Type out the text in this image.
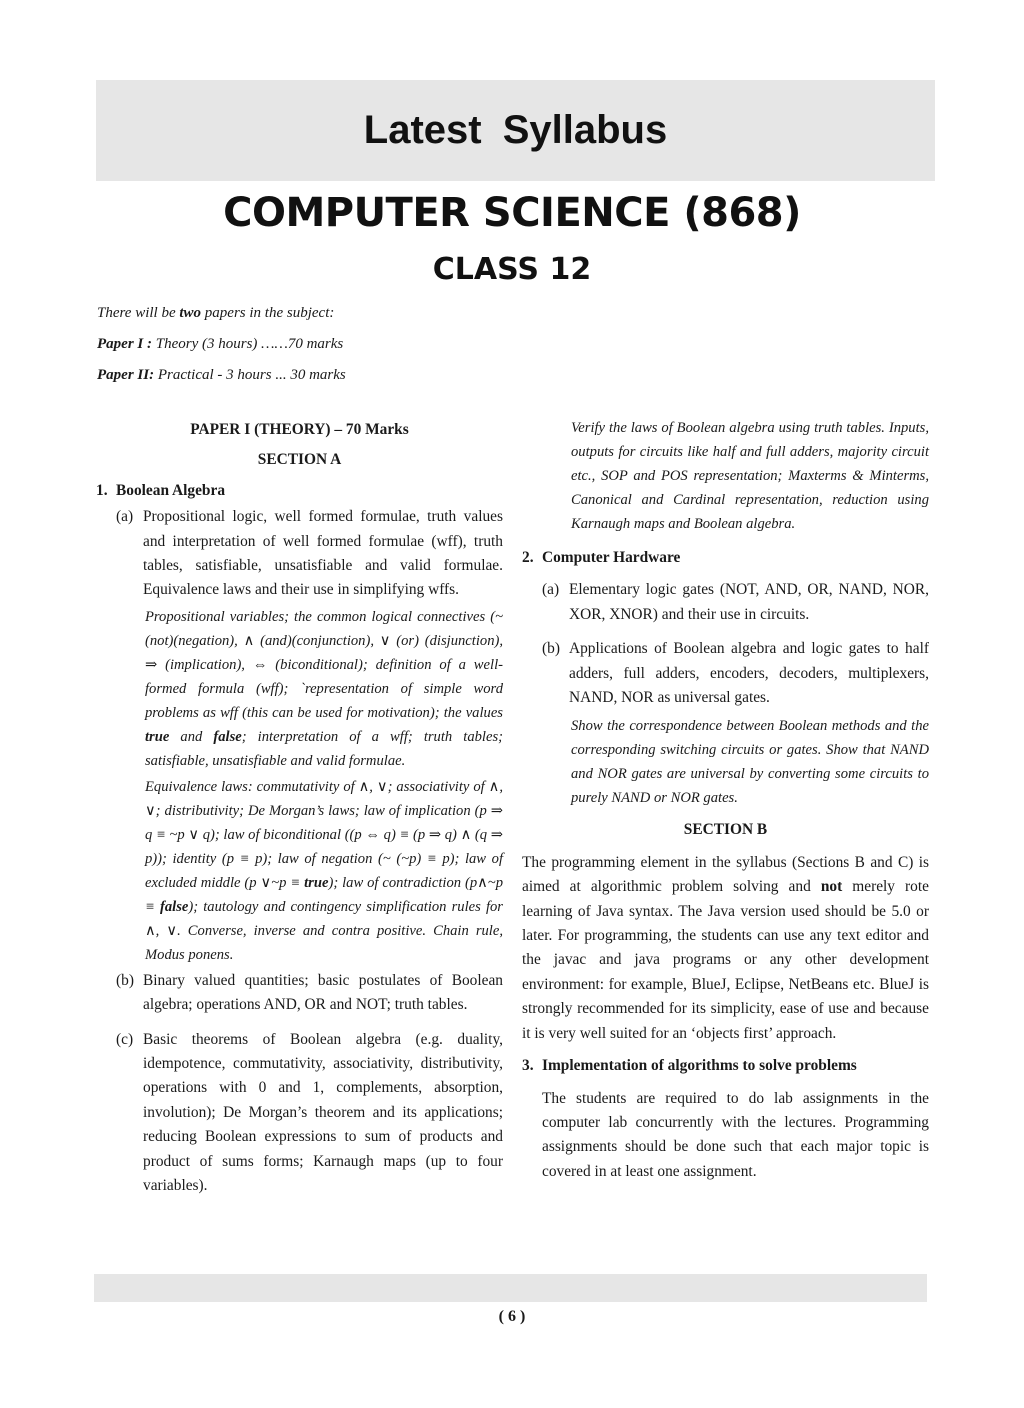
Latest Syllabus
COMPUTER SCIENCE (868)
CLASS 12

There will be two papers in the subject:

Paper I : Theory (3 hours) ……70 marks

Paper II: Practical - 3 hours ... 30 marks

PAPER I (THEORY) – 70 Marks

SECTION A

1. Boolean Algebra

(a) Propositional logic, well formed formulae, truth values and interpretation of well formed formulae (wff), truth tables, satisfiable, unsatisfiable and valid formulae. Equivalence laws and their use in simplifying wffs.

Propositional variables; the common logical connectives (~ (not)(negation), ∧ (and)(conjunction), ∨ (or) (disjunction), ⇒ (implication), ⇔ (biconditional); definition of a well-formed formula (wff); `representation of simple word problems as wff (this can be used for motivation); the values true and false; interpretation of a wff; truth tables; satisfiable, unsatisfiable and valid formulae.

Equivalence laws: commutativity of ∧, ∨; associativity of ∧, ∨; distributivity; De Morgan’s laws; law of implication (p ⇒ q ≡ ~p ∨ q); law of biconditional ((p ⇔ q) ≡ (p ⇒ q) ∧ (q ⇒ p)); identity (p ≡ p); law of negation (~ (~p) ≡ p); law of excluded middle (p ∨~p ≡ true); law of contradiction (p∧~p ≡ false); tautology and contingency simplification rules for ∧, ∨. Converse, inverse and contra positive. Chain rule, Modus ponens.

(b) Binary valued quantities; basic postulates of Boolean algebra; operations AND, OR and NOT; truth tables.
(c) Basic theorems of Boolean algebra (e.g. duality, idempotence, commutativity, associativity, distributivity, operations with 0 and 1, complements, absorption, involution); De Morgan’s theorem and its applications; reducing Boolean expressions to sum of products and product of sums forms; Karnaugh maps (up to four variables).

Verify the laws of Boolean algebra using truth tables. Inputs, outputs for circuits like half and full adders, majority circuit etc., SOP and POS representation; Maxterms & Minterms, Canonical and Cardinal representation, reduction using Karnaugh maps and Boolean algebra.

2. Computer Hardware

(a) Elementary logic gates (NOT, AND, OR, NAND, NOR, XOR, XNOR) and their use in circuits.
(b) Applications of Boolean algebra and logic gates to half adders, full adders, encoders, decoders, multiplexers, NAND, NOR as universal gates.

Show the correspondence between Boolean methods and the corresponding switching circuits or gates. Show that NAND and NOR gates are universal by converting some circuits to purely NAND or NOR gates.

SECTION B

The programming element in the syllabus (Sections B and C) is aimed at algorithmic problem solving and not merely rote learning of Java syntax. The Java version used should be 5.0 or later. For programming, the students can use any text editor and the javac and java programs or any other development environment: for example, BlueJ, Eclipse, NetBeans etc. BlueJ is strongly recommended for its simplicity, ease of use and because it is very well suited for an ‘objects first’ approach.

3. Implementation of algorithms to solve problems

The students are required to do lab assignments in the computer lab concurrently with the lectures. Programming assignments should be done such that each major topic is covered in at least one assignment.

( 6 )
